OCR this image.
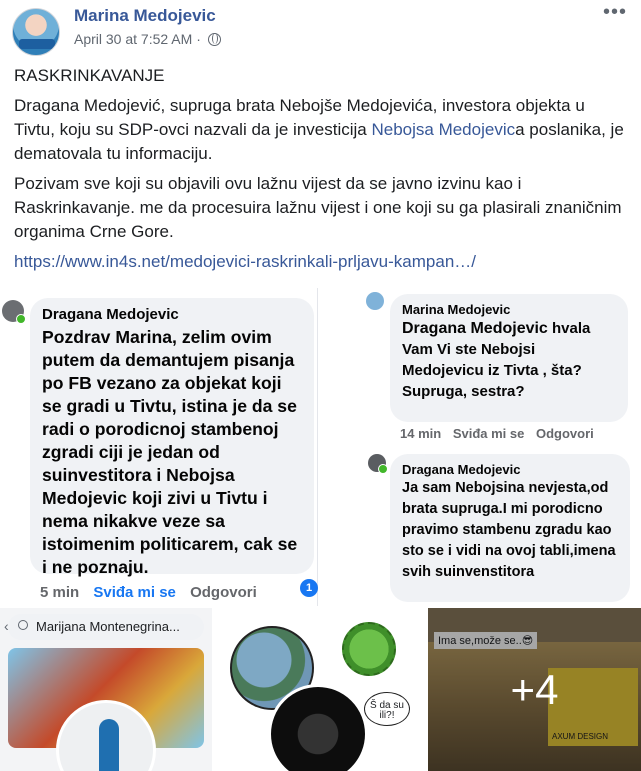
Marina Medojevic
April 30 at 7:52 AM ·
•••

RASKRINKAVANJE

Dragana Medojević, supruga brata Nebojše Medojevića, investora objekta u Tivtu, koju su SDP-ovci nazvali da je investicija Nebojsa Medojevica poslanika, je dematovala tu informaciju.

Pozivam sve koji su objavili ovu lažnu vijest da se javno izvinu kao i Raskrinkavanje. me da procesuira lažnu vijest i one koji su ga plasirali znaničnim organima Crne Gore.

https://www.in4s.net/medojevici-raskrinkali-prljavu-kampan…/

Dragana Medojevic
Pozdrav Marina, zelim ovim putem da demantujem pisanja po FB vezano za objekat koji se gradi u Tivtu, istina je da se radi o porodicnoj stambenoj zgradi ciji je jedan od suinvestitora i Nebojsa Medojevic koji zivi u Tivtu i nema nikakve veze sa istoimenim politicarem, cak se i ne poznaju.
5 min Sviđa mi se Odgovori	1
Marina Medojevic
Dragana Medojevic hvala Vam Vi ste Nebojsi Medojevicu iz Tivta , šta? Supruga, sestra?
14 min Sviđa mi se Odgovori
Dragana Medojevic
Ja sam Nebojsina nevjesta,od brata supruga.I mi porodicno pravimo stambenu zgradu kao sto se i vidi na ovoj tabli,imena svih suinvenstitora
‹ Marijana Montenegrina...
Š da su ili?!
AXUM DESIGN
Ima se,može se..😎
+4
